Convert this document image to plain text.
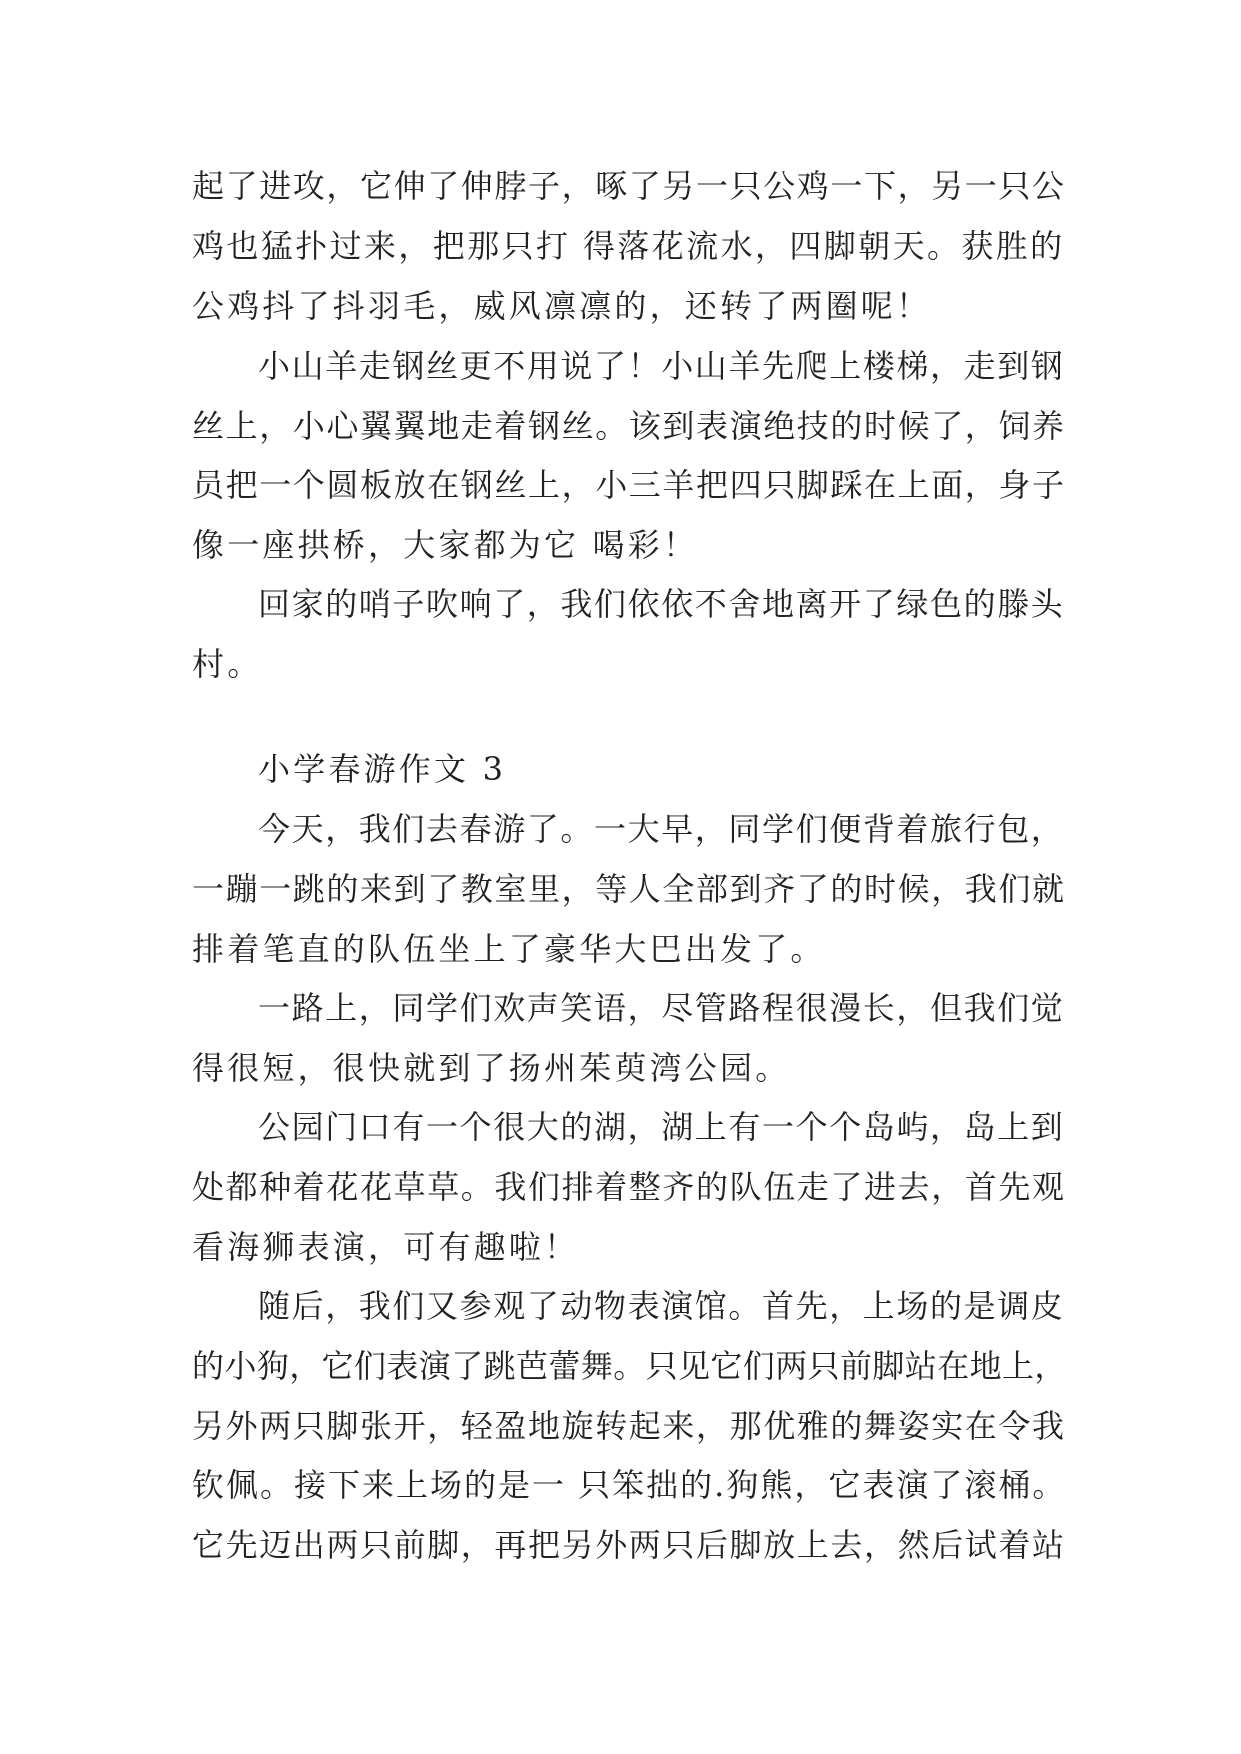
起了进攻，它伸了伸脖子，啄了另一只公鸡一下，另一只公
鸡也猛扑过来，把那只打 得落花流水，四脚朝天。获胜的
公鸡抖了抖羽毛，威风凛凛的，还转了两圈呢！
小山羊走钢丝更不用说了！小山羊先爬上楼梯，走到钢
丝上，小心翼翼地走着钢丝。该到表演绝技的时候了，饲养
员把一个圆板放在钢丝上，小三羊把四只脚踩在上面，身子
像一座拱桥，大家都为它 喝彩！
回家的哨子吹响了，我们依依不舍地离开了绿色的滕头
村。
小学春游作文 3
今天，我们去春游了。一大早，同学们便背着旅行包，
一蹦一跳的来到了教室里，等人全部到齐了的时候，我们就
排着笔直的队伍坐上了豪华大巴出发了。
一路上，同学们欢声笑语，尽管路程很漫长，但我们觉
得很短，很快就到了扬州茱萸湾公园。
公园门口有一个很大的湖，湖上有一个个岛屿，岛上到
处都种着花花草草。我们排着整齐的队伍走了进去，首先观
看海狮表演，可有趣啦！
随后，我们又参观了动物表演馆。首先，上场的是调皮
的小狗，它们表演了跳芭蕾舞。只见它们两只前脚站在地上，
另外两只脚张开，轻盈地旋转起来，那优雅的舞姿实在令我
钦佩。接下来上场的是一 只笨拙的.狗熊，它表演了滚桶。
它先迈出两只前脚，再把另外两只后脚放上去，然后试着站
